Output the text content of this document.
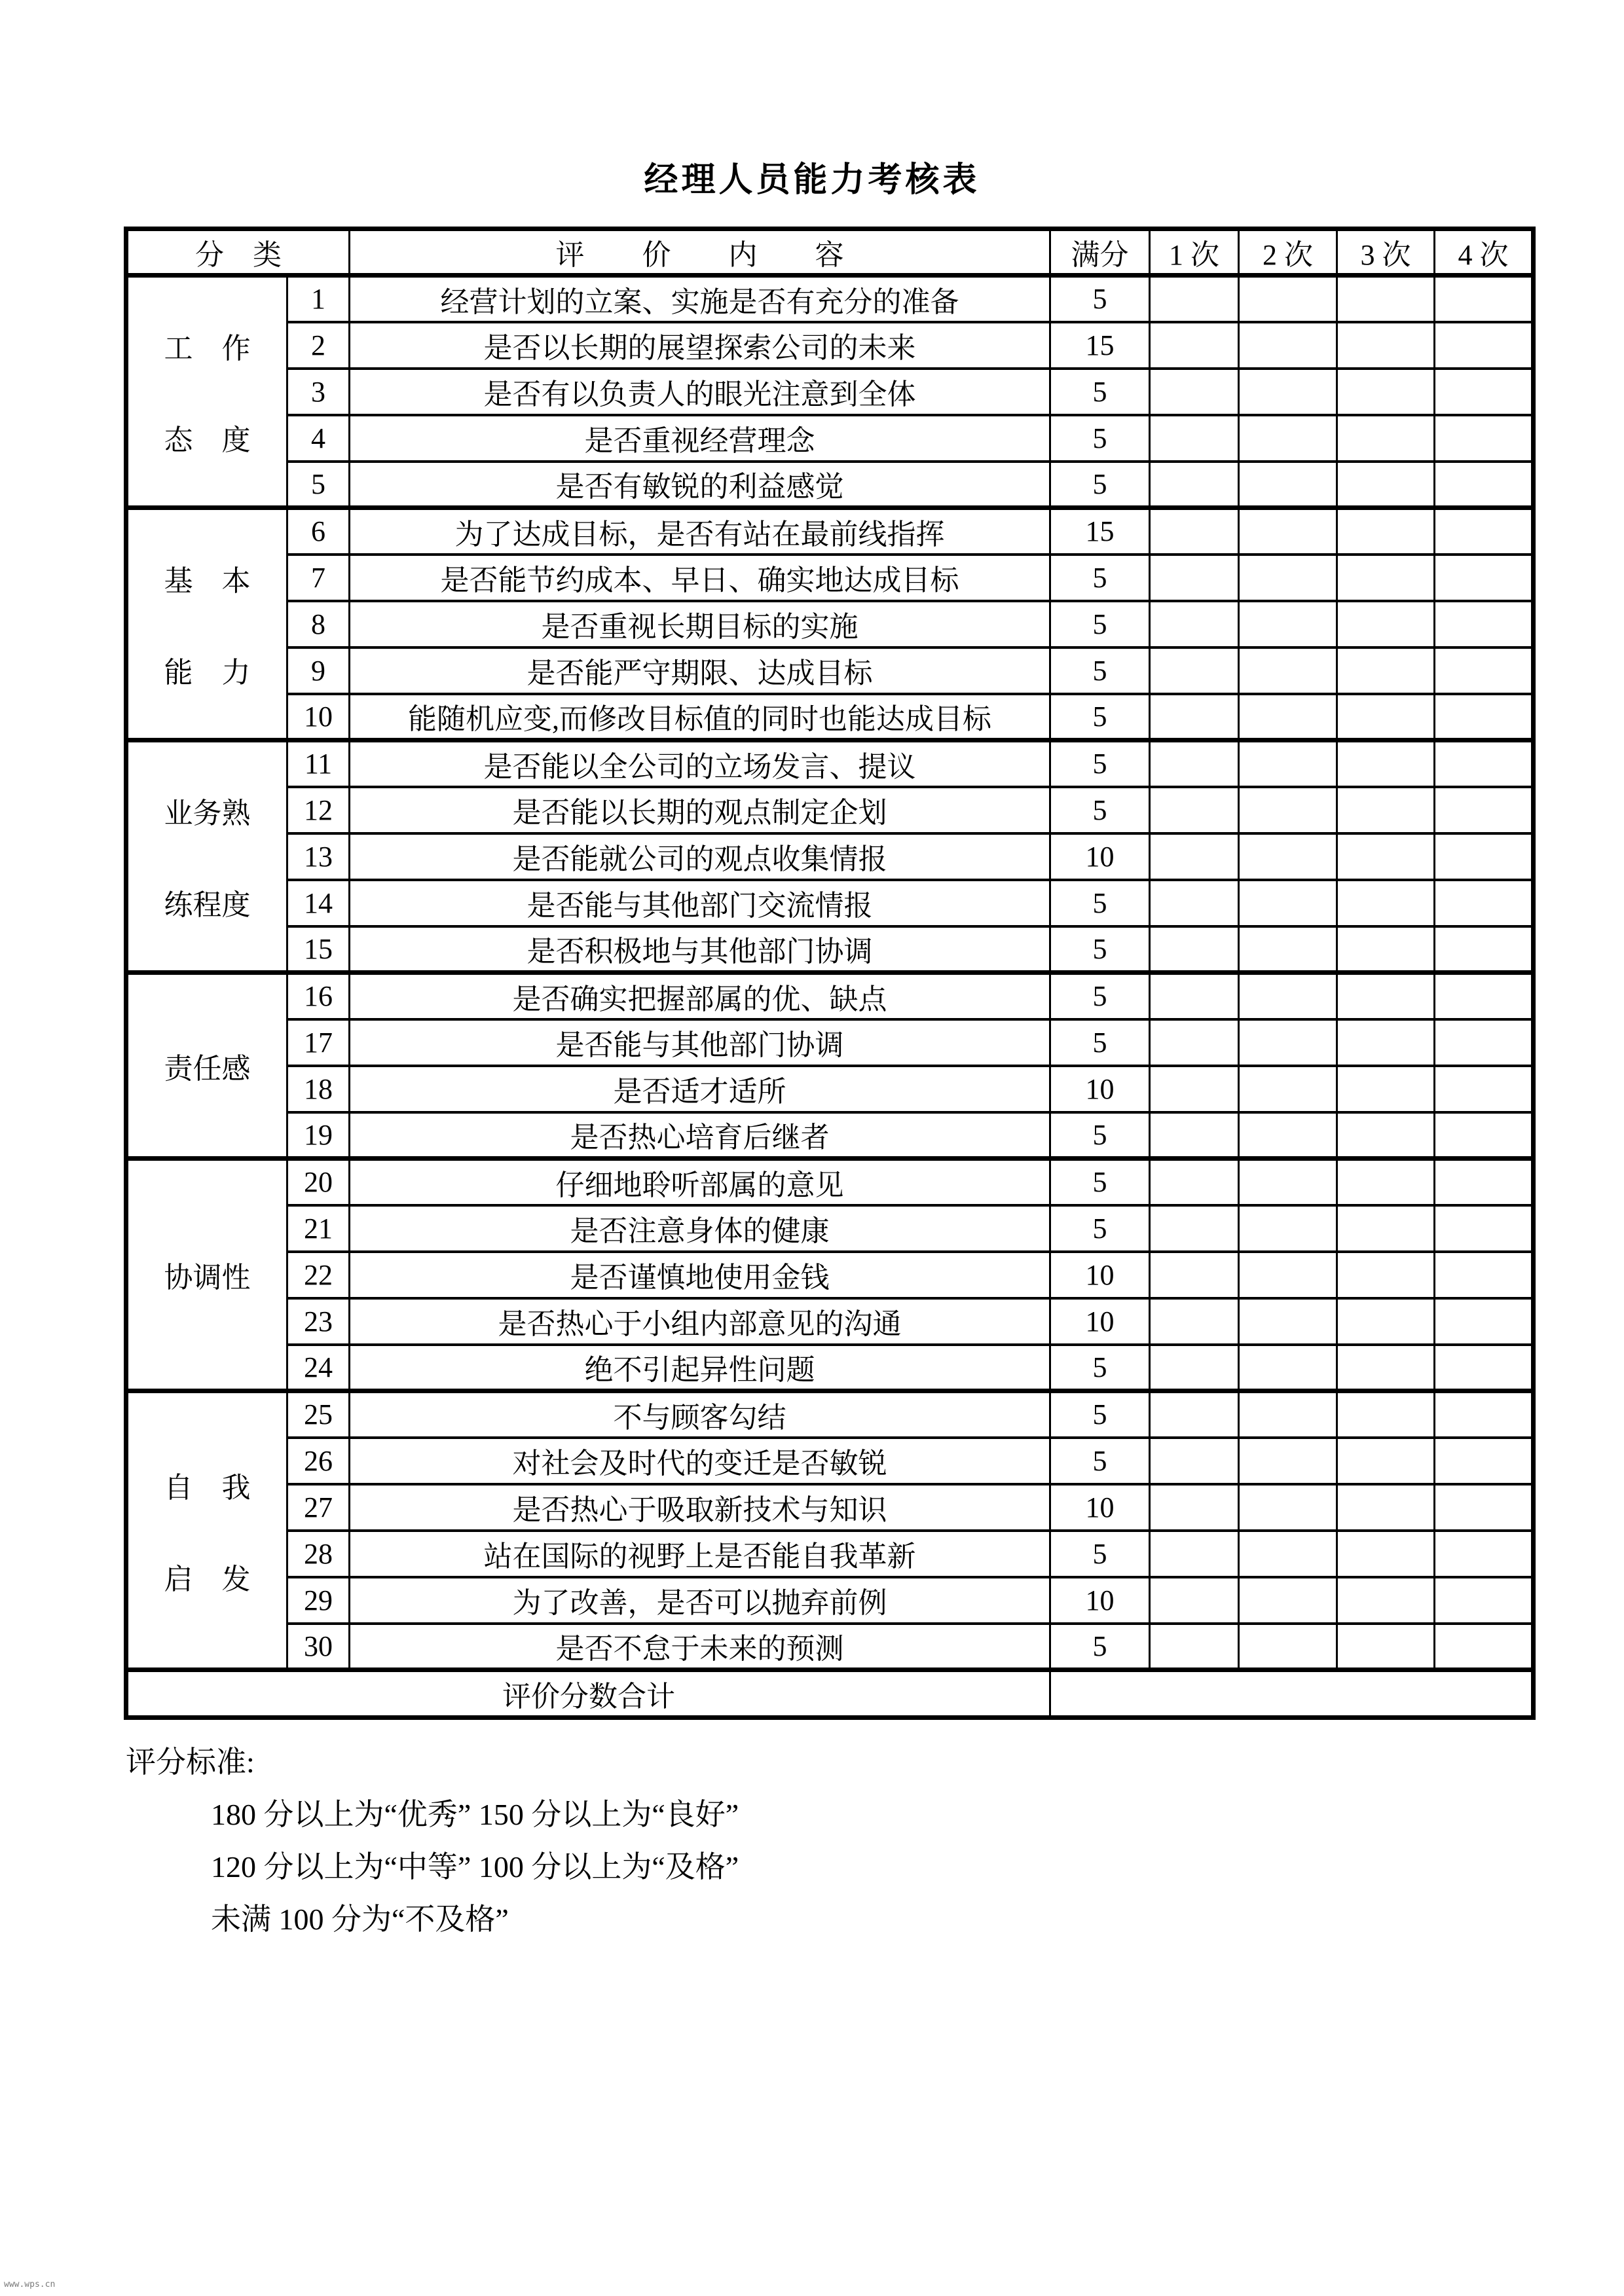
经理人员能力考核表
分　类		评　　价　　内　　容	满分	1 次	2 次	3 次	4 次

工　作
态　度	1	经营计划的立案、实施是否有充分的准备	5				
	2	是否以长期的展望探索公司的未来	15				
	3	是否有以负责人的眼光注意到全体	5				
	4	是否重视经营理念	5				
	5	是否有敏锐的利益感觉	5				

基　本
能　力	6	为了达成目标，是否有站在最前线指挥	15				
	7	是否能节约成本、早日、确实地达成目标	5				
	8	是否重视长期目标的实施	5				
	9	是否能严守期限、达成目标	5				
	10	能随机应变,而修改目标值的同时也能达成目标	5				

业务熟
练程度	11	是否能以全公司的立场发言、提议	5				
	12	是否能以长期的观点制定企划	5				
	13	是否能就公司的观点收集情报	10				
	14	是否能与其他部门交流情报	5				
	15	是否积极地与其他部门协调	5				

责任感	16	是否确实把握部属的优、缺点	5				
	17	是否能与其他部门协调	5				
	18	是否适才适所	10				
	19	是否热心培育后继者	5				

协调性	20	仔细地聆听部属的意见	5				
	21	是否注意身体的健康	5				
	22	是否谨慎地使用金钱	10				
	23	是否热心于小组内部意见的沟通	10				
	24	绝不引起异性问题	5				

自　我
启　发	25	不与顾客勾结	5				
	26	对社会及时代的变迁是否敏锐	5				
	27	是否热心于吸取新技术与知识	10				
	28	站在国际的视野上是否能自我革新	5				
	29	为了改善，是否可以抛弃前例	10				
	30	是否不怠于未来的预测	5				
评价分数合计							
评分标准:
180 分以上为“优秀” 150 分以上为“良好”
120 分以上为“中等” 100 分以上为“及格”
未满 100 分为“不及格”
www.wps.cn
